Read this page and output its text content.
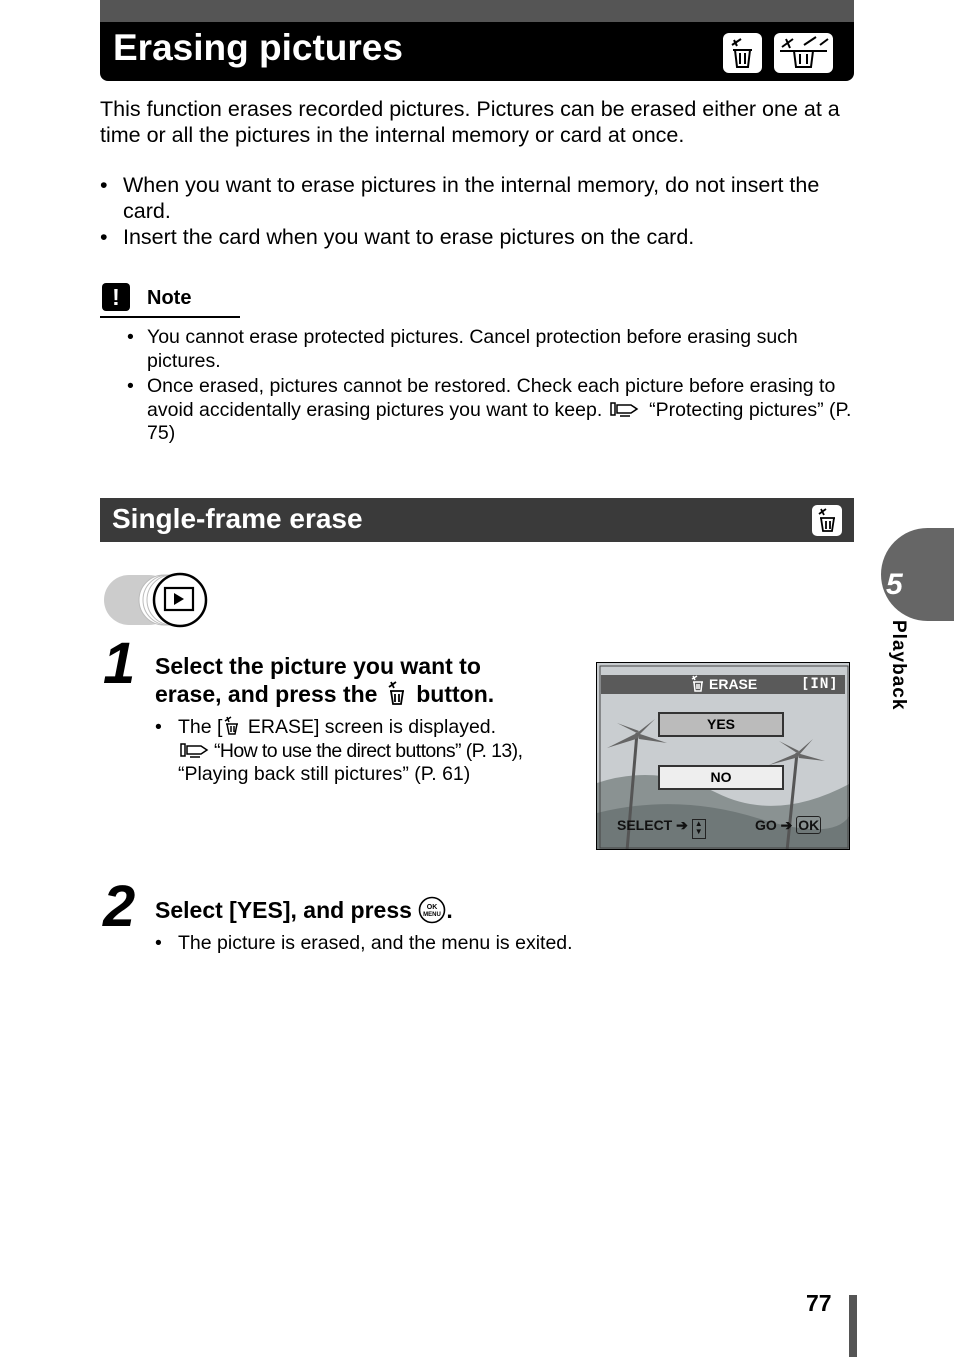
Erasing pictures

This function erases recorded pictures. Pictures can be erased either one at a time or all the pictures in the internal memory or card at once.
• When you want to erase pictures in the internal memory, do not insert the card.
• Insert the card when you want to erase pictures on the card.
!	Note
• You cannot erase protected pictures. Cancel protection before erasing such pictures.
• Once erased, pictures cannot be restored. Check each picture before erasing to avoid accidentally erasing pictures you want to keep. “Protecting pictures” (P. 75)
Single-frame erase
1 Select the picture you want to
erase, and press the button.
• The [ ERASE] screen is displayed.
“How to use the direct buttons” (P. 13),
“Playing back still pictures” (P. 61)
ERASE	[IN]
YES
NO
SELECT ➔ ▲
▼	GO ➔ OK
2 Select [YES], and press OK
MENU .
• The picture is erased, and the menu is exited.
5
Playback
77
